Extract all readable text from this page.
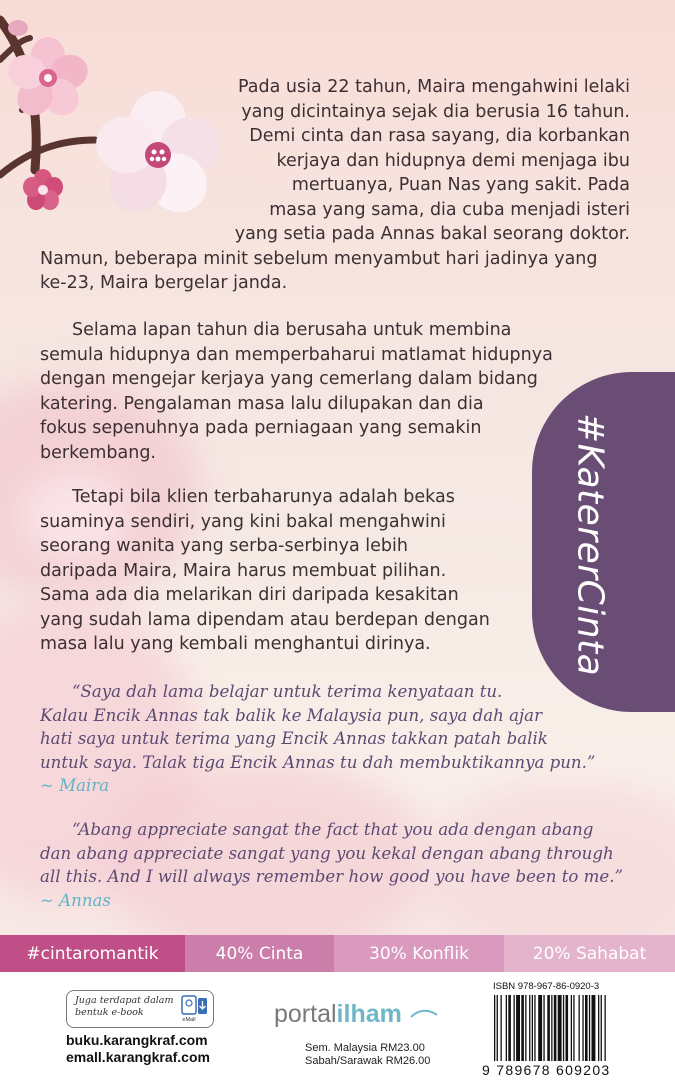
Pada usia 22 tahun, Maira mengahwini lelaki
yang dicintainya sejak dia berusia 16 tahun.
Demi cinta dan rasa sayang, dia korbankan
kerjaya dan hidupnya demi menjaga ibu
mertuanya, Puan Nas yang sakit. Pada
masa yang sama, dia cuba menjadi isteri
yang setia pada Annas bakal seorang doktor.
Namun, beberapa minit sebelum menyambut hari jadinya yang
ke-23, Maira bergelar janda.

Selama lapan tahun dia berusaha untuk membina
semula hidupnya dan memperbaharui matlamat hidupnya
dengan mengejar kerjaya yang cemerlang dalam bidang
katering. Pengalaman masa lalu dilupakan dan dia
fokus sepenuhnya pada perniagaan yang semakin
berkembang.

Tetapi bila klien terbaharunya adalah bekas
suaminya sendiri, yang kini bakal mengahwini
seorang wanita yang serba-serbinya lebih
daripada Maira, Maira harus membuat pilihan.
Sama ada dia melarikan diri daripada kesakitan
yang sudah lama dipendam atau berdepan dengan
masa lalu yang kembali menghantui dirinya.	#KatererCinta

“Saya dah lama belajar untuk terima kenyataan tu.
Kalau Encik Annas tak balik ke Malaysia pun, saya dah ajar
hati saya untuk terima yang Encik Annas takkan patah balik
untuk saya. Talak tiga Encik Annas tu dah membuktikannya pun.”
~ Maira

“Abang appreciate sangat the fact that you ada dengan abang
dan abang appreciate sangat yang you kekal dengan abang through
all this. And I will always remember how good you have been to me.”
~ Annas

#cintaromantik	40% Cinta	30% Konflik	20% Sahabat
Juga terdapat dalam
bentuk e-book
eMall
buku.karangkraf.com
emall.karangkraf.com
portalilham
Sem. Malaysia RM23.00
Sabah/Sarawak RM26.00
ISBN 978-967-86-0920-3
9 789678 609203
